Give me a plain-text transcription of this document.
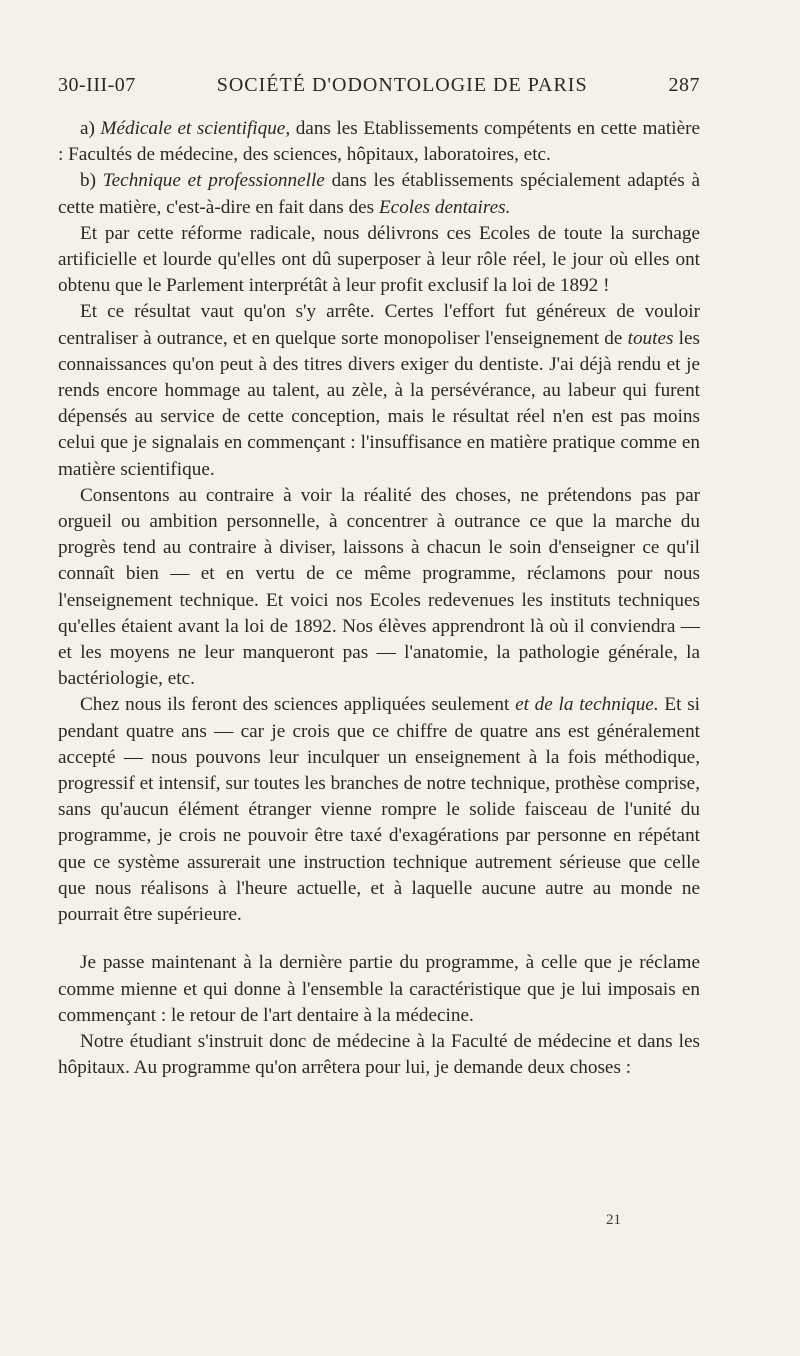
30-III-07	SOCIÉTÉ D'ODONTOLOGIE DE PARIS	287

a) Médicale et scientifique, dans les Etablissements compétents en cette matière : Facultés de médecine, des sciences, hôpitaux, laboratoires, etc.

b) Technique et professionnelle dans les établissements spécialement adaptés à cette matière, c'est-à-dire en fait dans des Ecoles dentaires.

Et par cette réforme radicale, nous délivrons ces Ecoles de toute la surchage artificielle et lourde qu'elles ont dû superposer à leur rôle réel, le jour où elles ont obtenu que le Parlement interprétât à leur profit exclusif la loi de 1892 !

Et ce résultat vaut qu'on s'y arrête. Certes l'effort fut généreux de vouloir centraliser à outrance, et en quelque sorte monopoliser l'enseignement de toutes les connaissances qu'on peut à des titres divers exiger du dentiste. J'ai déjà rendu et je rends encore hommage au talent, au zèle, à la persévérance, au labeur qui furent dépensés au service de cette conception, mais le résultat réel n'en est pas moins celui que je signalais en commençant : l'insuffisance en matière pratique comme en matière scientifique.

Consentons au contraire à voir la réalité des choses, ne prétendons pas par orgueil ou ambition personnelle, à concentrer à outrance ce que la marche du progrès tend au contraire à diviser, laissons à chacun le soin d'enseigner ce qu'il connaît bien — et en vertu de ce même programme, réclamons pour nous l'enseignement technique. Et voici nos Ecoles redevenues les instituts techniques qu'elles étaient avant la loi de 1892. Nos élèves apprendront là où il conviendra — et les moyens ne leur manqueront pas — l'anatomie, la pathologie générale, la bactériologie, etc.

Chez nous ils feront des sciences appliquées seulement et de la technique. Et si pendant quatre ans — car je crois que ce chiffre de quatre ans est généralement accepté — nous pouvons leur inculquer un enseignement à la fois méthodique, progressif et intensif, sur toutes les branches de notre technique, prothèse comprise, sans qu'aucun élément étranger vienne rompre le solide faisceau de l'unité du programme, je crois ne pouvoir être taxé d'exagérations par personne en répétant que ce système assurerait une instruction technique autrement sérieuse que celle que nous réalisons à l'heure actuelle, et à laquelle aucune autre au monde ne pourrait être supérieure.

Je passe maintenant à la dernière partie du programme, à celle que je réclame comme mienne et qui donne à l'ensemble la caractéristique que je lui imposais en commençant : le retour de l'art dentaire à la médecine.

Notre étudiant s'instruit donc de médecine à la Faculté de médecine et dans les hôpitaux. Au programme qu'on arrêtera pour lui, je demande deux choses :

21
